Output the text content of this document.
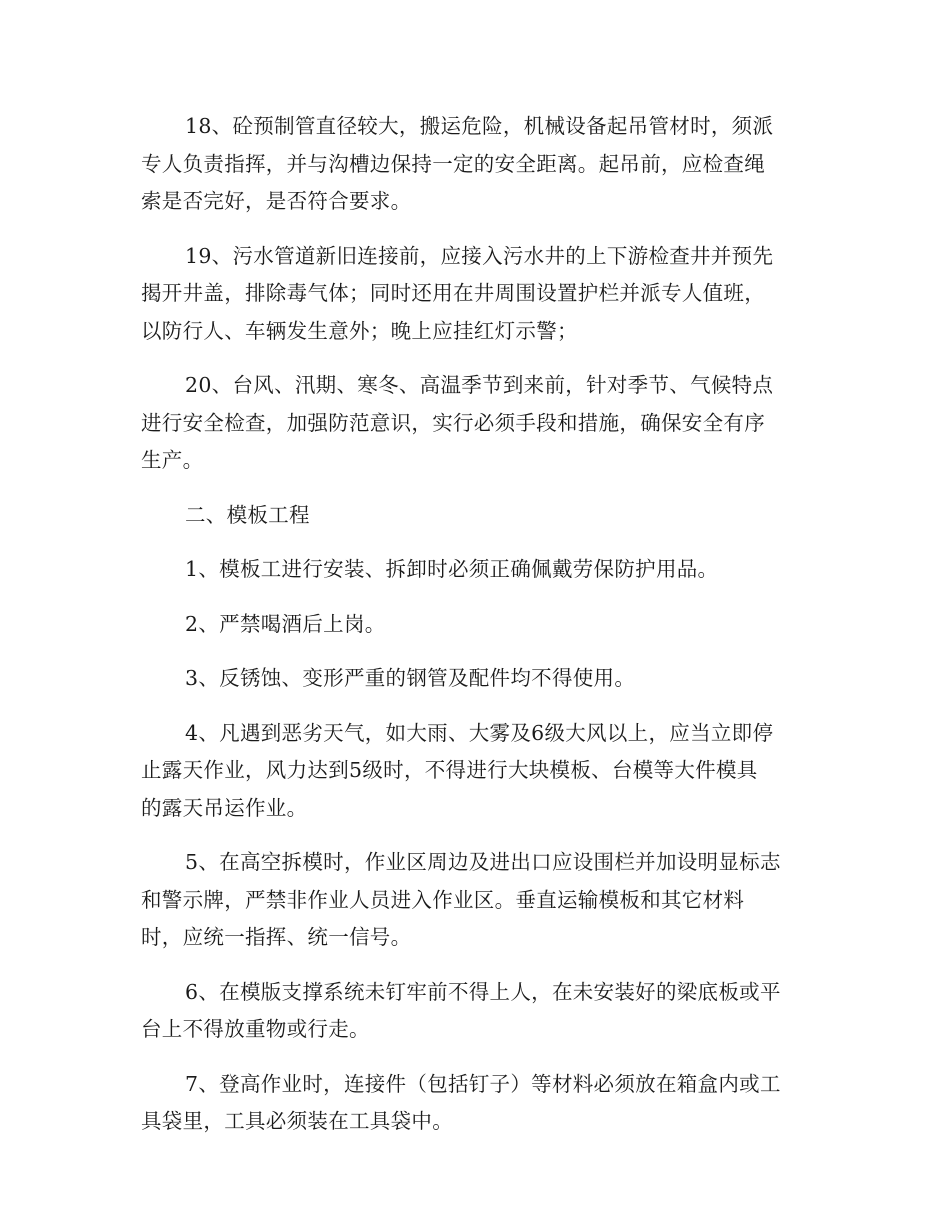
18、砼预制管直径较大，搬运危险，机械设备起吊管材时，须派
专人负责指挥，并与沟槽边保持一定的安全距离。起吊前，应检查绳
索是否完好，是否符合要求。

19、污水管道新旧连接前，应接入污水井的上下游检查井并预先
揭开井盖，排除毒气体；同时还用在井周围设置护栏并派专人值班，
以防行人、车辆发生意外；晚上应挂红灯示警；

20、台风、汛期、寒冬、高温季节到来前，针对季节、气候特点
进行安全检查，加强防范意识，实行必须手段和措施，确保安全有序
生产。

二、模板工程

1、模板工进行安装、拆卸时必须正确佩戴劳保防护用品。

2、严禁喝酒后上岗。

3、反锈蚀、变形严重的钢管及配件均不得使用。

4、凡遇到恶劣天气，如大雨、大雾及6级大风以上，应当立即停
止露天作业，风力达到5级时，不得进行大块模板、台模等大件模具
的露天吊运作业。

5、在高空拆模时，作业区周边及进出口应设围栏并加设明显标志
和警示牌，严禁非作业人员进入作业区。垂直运输模板和其它材料
时，应统一指挥、统一信号。

6、在模版支撑系统未钉牢前不得上人，在未安装好的梁底板或平
台上不得放重物或行走。

7、登高作业时，连接件（包括钉子）等材料必须放在箱盒内或工
具袋里，工具必须装在工具袋中。
